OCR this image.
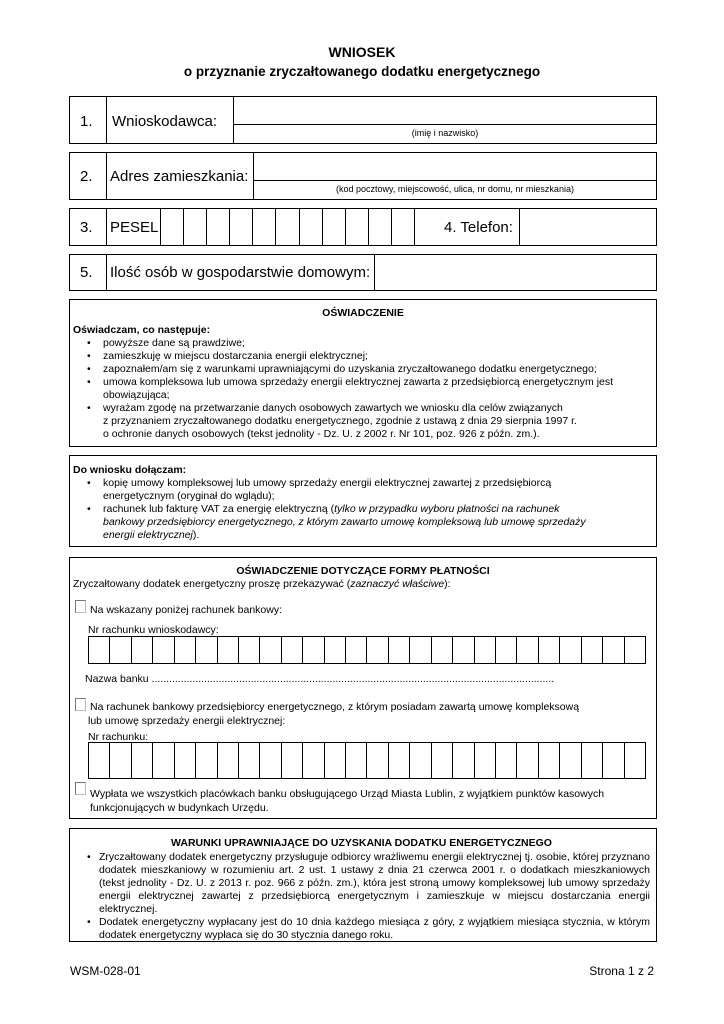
WNIOSEK
o przyznanie zryczałtowanego dodatku energetycznego
1. Wnioskodawca:
(imię i nazwisko)
2. Adres zamieszkania:
(kod pocztowy, miejscowość, ulica, nr domu, nr mieszkania)
3. PESEL	4. Telefon:
5. Ilość osób w gospodarstwie domowym:
OŚWIADCZENIE
Oświadczam, co następuje:
• powyższe dane są prawdziwe;
• zamieszkuję w miejscu dostarczania energii elektrycznej;
• zapoznałem/am się z warunkami uprawniającymi do uzyskania zryczałtowanego dodatku energetycznego;
• umowa kompleksowa lub umowa sprzedaży energii elektrycznej zawarta z przedsiębiorcą energetycznym jest obowiązująca;
• wyrażam zgodę na przetwarzanie danych osobowych zawartych we wniosku dla celów związanych
z przyznaniem zryczałtowanego dodatku energetycznego, zgodnie z ustawą z dnia 29 sierpnia 1997 r.
o ochronie danych osobowych (tekst jednolity - Dz. U. z 2002 r. Nr 101, poz. 926 z późn. zm.).
Do wniosku dołączam:
• kopię umowy kompleksowej lub umowy sprzedaży energii elektrycznej zawartej z przedsiębiorcą energetycznym (oryginał do wglądu);
• rachunek lub fakturę VAT za energię elektryczną (tylko w przypadku wyboru płatności na rachunek bankowy przedsiębiorcy energetycznego, z którym zawarto umowę kompleksową lub umowę sprzedaży energii elektrycznej).
OŚWIADCZENIE DOTYCZĄCE FORMY PŁATNOŚCI
Zryczałtowany dodatek energetyczny proszę przekazywać (zaznaczyć właściwe):
Na wskazany poniżej rachunek bankowy:
Nr rachunku wnioskodawcy:
Nazwa banku ..........................................................................................................................................
Na rachunek bankowy przedsiębiorcy energetycznego, z którym posiadam zawartą umowę kompleksową
lub umowę sprzedaży energii elektrycznej:
Nr rachunku:
Wypłata we wszystkich placówkach banku obsługującego Urząd Miasta Lublin, z wyjątkiem punktów kasowych
funkcjonujących w budynkach Urzędu.
WARUNKI UPRAWNIAJĄCE DO UZYSKANIA DODATKU ENERGETYCZNEGO
• Zryczałtowany dodatek energetyczny przysługuje odbiorcy wrażliwemu energii elektrycznej tj. osobie, której przyznano dodatek mieszkaniowy w rozumieniu art. 2 ust. 1 ustawy z dnia 21 czerwca 2001 r. o dodatkach mieszkaniowych (tekst jednolity - Dz. U. z 2013 r. poz. 966 z późn. zm.), która jest stroną umowy kompleksowej lub umowy sprzedaży energii elektrycznej zawartej z przedsiębiorcą energetycznym i zamieszkuje w miejscu dostarczania energii elektrycznej.
• Dodatek energetyczny wypłacany jest do 10 dnia każdego miesiąca z góry, z wyjątkiem miesiąca stycznia, w którym dodatek energetyczny wypłaca się do 30 stycznia danego roku.
WSM-028-01	Strona 1 z 2
